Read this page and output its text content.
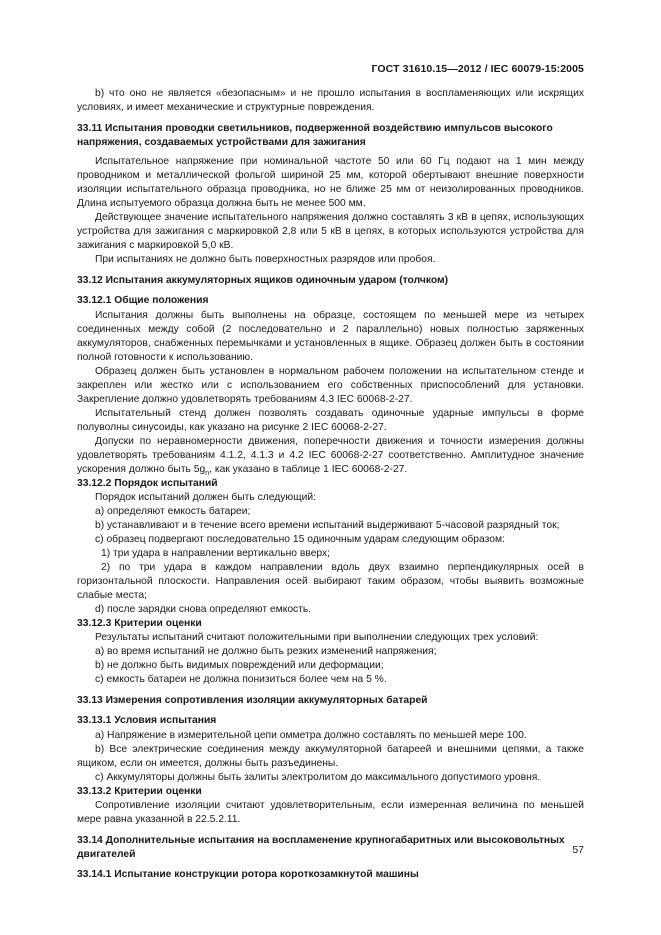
ГОСТ 31610.15—2012 / IEC 60079-15:2005

b) что оно не является «безопасным» и не прошло испытания в воспламеняющих или искрящих условиях, и имеет механические и структурные повреждения.

33.11 Испытания проводки светильников, подверженной воздействию импульсов высокого напряжения, создаваемых устройствами для зажигания

Испытательное напряжение при номинальной частоте 50 или 60 Гц подают на 1 мин между проводником и металлической фольгой шириной 25 мм, которой обертывают внешние поверхности изоляции испытательного образца проводника, но не ближе 25 мм от неизолированных проводников. Длина испытуемого образца должна быть не менее 500 мм.

Действующее значение испытательного напряжения должно составлять 3 кВ в цепях, использующих устройства для зажигания с маркировкой 2,8 или 5 кВ в цепях, в которых используются устройства для зажигания с маркировкой 5,0 кВ.

При испытаниях не должно быть поверхностных разрядов или пробоя.

33.12 Испытания аккумуляторных ящиков одиночным ударом (толчком)

33.12.1 Общие положения

Испытания должны быть выполнены на образце, состоящем по меньшей мере из четырех соединенных между собой (2 последовательно и 2 параллельно) новых полностью заряженных аккумуляторов, снабженных перемычками и установленных в ящике. Образец должен быть в состоянии полной готовности к использованию.

Образец должен быть установлен в нормальном рабочем положении на испытательном стенде и закреплен или жестко или с использованием его собственных приспособлений для установки. Закрепление должно удовлетворять требованиям 4.3 IEC 60068-2-27.

Испытательный стенд должен позволять создавать одиночные ударные импульсы в форме полуволны синусоиды, как указано на рисунке 2 IEC 60068-2-27.

Допуски по неравномерности движения, поперечности движения и точности измерения должны удовлетворять требованиям 4.1.2, 4.1.3 и 4.2 IEC 60068-2-27 соответственно. Амплитудное значение ускорения должно быть $5g_n$, как указано в таблице 1 IEC 60068-2-27.

33.12.2 Порядок испытаний

Порядок испытаний должен быть следующий:

a) определяют емкость батареи;

b) устанавливают и в течение всего времени испытаний выдерживают 5-часовой разрядный ток;

c) образец подвергают последовательно 15 одиночным ударам следующим образом:

1) три удара в направлении вертикально вверх;

2) по три удара в каждом направлении вдоль двух взаимно перпендикулярных осей в горизонтальной плоскости. Направления осей выбирают таким образом, чтобы выявить возможные слабые места;

d) после зарядки снова определяют емкость.

33.12.3 Критерии оценки

Результаты испытаний считают положительными при выполнении следующих трех условий:

a) во время испытаний не должно быть резких изменений напряжения;

b) не должно быть видимых повреждений или деформации;

c) емкость батареи не должна понизиться более чем на 5 %.

33.13 Измерения сопротивления изоляции аккумуляторных батарей

33.13.1 Условия испытания

a) Напряжение в измерительной цепи омметра должно составлять по меньшей мере 100.

b) Все электрические соединения между аккумуляторной батареей и внешними цепями, а также ящиком, если он имеется, должны быть разъединены.

c) Аккумуляторы должны быть залиты электролитом до максимального допустимого уровня.

33.13.2 Критерии оценки

Сопротивление изоляции считают удовлетворительным, если измеренная величина по меньшей мере равна указанной в 22.5.2.11.

33.14 Дополнительные испытания на воспламенение крупногабаритных или высоковольтных двигателей

33.14.1 Испытание конструкции ротора короткозамкнутой машины

57
